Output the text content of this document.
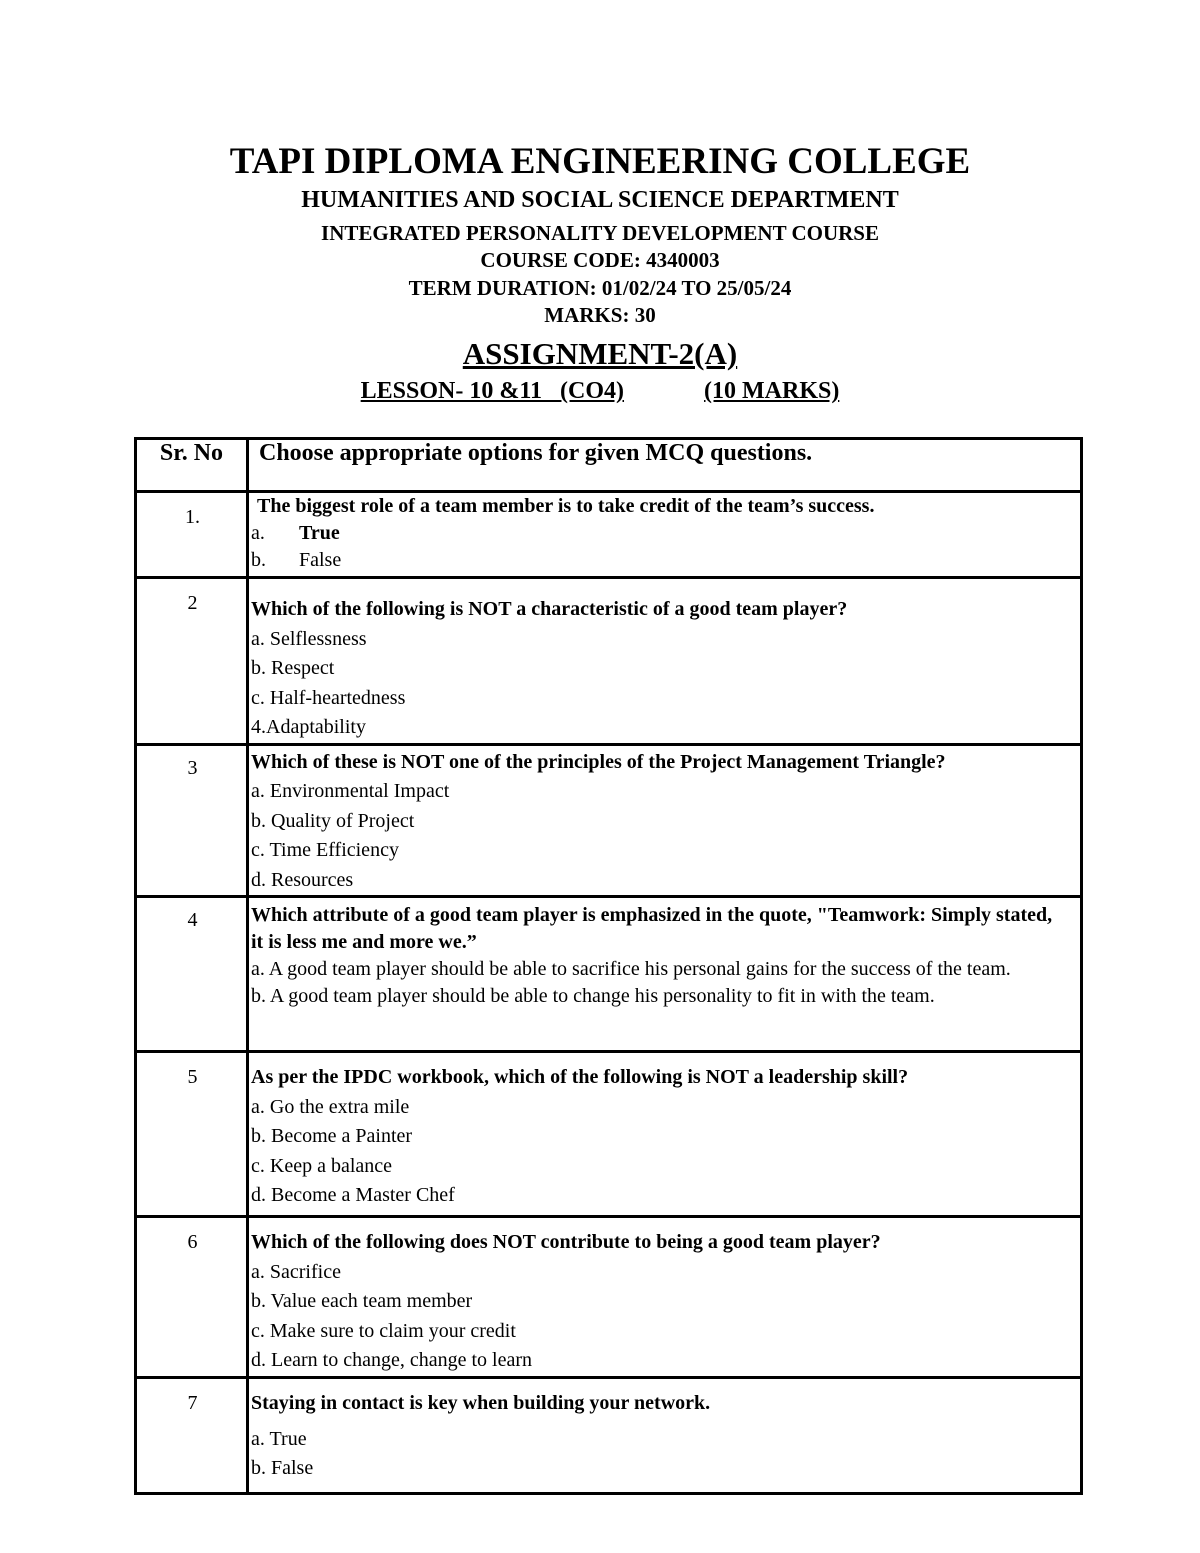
TAPI DIPLOMA ENGINEERING COLLEGE
HUMANITIES AND SOCIAL SCIENCE DEPARTMENT
INTEGRATED PERSONALITY DEVELOPMENT COURSE
COURSE CODE: 4340003
TERM DURATION: 01/02/24 TO 25/05/24
MARKS: 30
ASSIGNMENT-2(A)
LESSON- 10 &11   (CO4)	(10 MARKS)
Sr. No	Choose appropriate options for given MCQ questions.

1.	The biggest role of a team member is to take credit of the team’s success.
a. True
b. False

2	Which of the following is NOT a characteristic of a good team player?
a. Selflessness
b. Respect
c. Half-heartedness
4.Adaptability

3	Which of these is NOT one of the principles of the Project Management Triangle?
a. Environmental Impact
b. Quality of Project
c. Time Efficiency
d. Resources

4	Which attribute of a good team player is emphasized in the quote, "Teamwork: Simply stated, it is less me and more we.”
a. A good team player should be able to sacrifice his personal gains for the success of the team.
b. A good team player should be able to change his personality to fit in with the team.

5	As per the IPDC workbook, which of the following is NOT a leadership skill?
a. Go the extra mile
b. Become a Painter
c. Keep a balance
d. Become a Master Chef

6	Which of the following does NOT contribute to being a good team player?
a. Sacrifice
b. Value each team member
c. Make sure to claim your credit
d. Learn to change, change to learn

7	Staying in contact is key when building your network.
a. True
b. False
